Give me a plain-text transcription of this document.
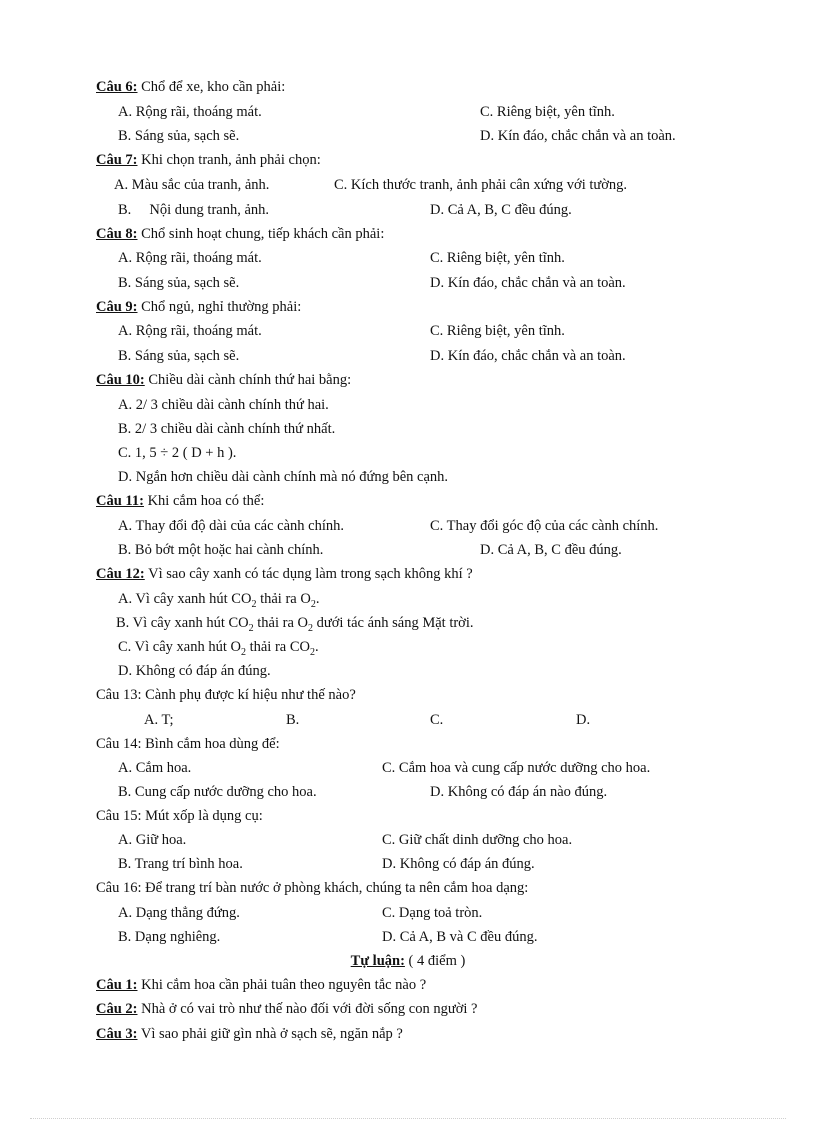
Câu 6: Chổ để xe, kho cần phải:
A. Rộng rãi, thoáng mát.	C. Riêng biệt, yên tĩnh.
B. Sáng sủa, sạch sẽ.	D. Kín đáo, chắc chắn và an toàn.
Câu 7: Khi chọn tranh, ảnh phải chọn:
A. Màu sắc của tranh, ảnh.	C. Kích thước tranh, ảnh phải cân xứng với tường.
B.     Nội dung tranh, ảnh.	D. Cả A, B, C đều đúng.
Câu 8: Chổ sinh hoạt chung, tiếp khách cần phải:
A. Rộng rãi, thoáng mát.	C. Riêng biệt, yên tĩnh.
B. Sáng sủa, sạch sẽ.	D. Kín đáo, chắc chắn và an toàn.
Câu 9: Chổ ngủ, nghỉ thường phải:
A. Rộng rãi, thoáng mát.	C. Riêng biệt, yên tĩnh.
B. Sáng sủa, sạch sẽ.	D. Kín đáo, chắc chắn và an toàn.
Câu 10: Chiều dài cành chính thứ hai bằng:
A. 2/ 3 chiều dài cành chính thứ hai.
B. 2/ 3 chiều dài cành chính thứ nhất.
C. 1, 5 ÷ 2 ( D + h ).
D. Ngắn hơn chiều dài cành chính mà nó đứng bên cạnh.
Câu 11: Khi cắm hoa có thể:
A. Thay đổi độ dài của các cành chính.	C. Thay đổi góc độ của các cành chính.
B. Bỏ bớt một hoặc hai cành chính.	D. Cả A, B, C đều đúng.
Câu 12: Vì sao cây xanh có tác dụng làm trong sạch không khí ?
A. Vì cây xanh hút $CO_2$ thải ra $O_2$.
B. Vì cây xanh hút $CO_2$ thải ra $O_2$ dưới tác ánh sáng Mặt trời.
C. Vì cây xanh hút $O_2$ thải ra $CO_2$.
D. Không có đáp án đúng.
Câu 13: Cành phụ được kí hiệu như thế nào?
A. T;	B.	C.	D.
Câu 14: Bình cắm hoa dùng để:
A. Cắm hoa.	C. Cắm hoa và cung cấp nước dưỡng cho hoa.
B. Cung cấp nước dưỡng cho hoa.	D. Không có đáp án nào đúng.
Câu 15: Mút xốp là dụng cụ:
A. Giữ hoa.	C. Giữ chất dinh dưỡng cho hoa.
B. Trang trí bình hoa.	D. Không có đáp án đúng.
Câu 16: Để trang trí bàn nước ở phòng khách, chúng ta nên cắm hoa dạng:
A. Dạng thẳng đứng.	C. Dạng toả tròn.
B. Dạng nghiêng.	D. Cả A, B và C đều đúng.
Tự luận: ( 4 điểm )
Câu 1: Khi cắm hoa cần phải tuân theo nguyên tắc nào ?
Câu 2: Nhà ở có vai trò như thế nào đối với đời sống con người ?
Câu 3: Vì sao phải giữ gìn nhà ở sạch sẽ, ngăn nắp ?
